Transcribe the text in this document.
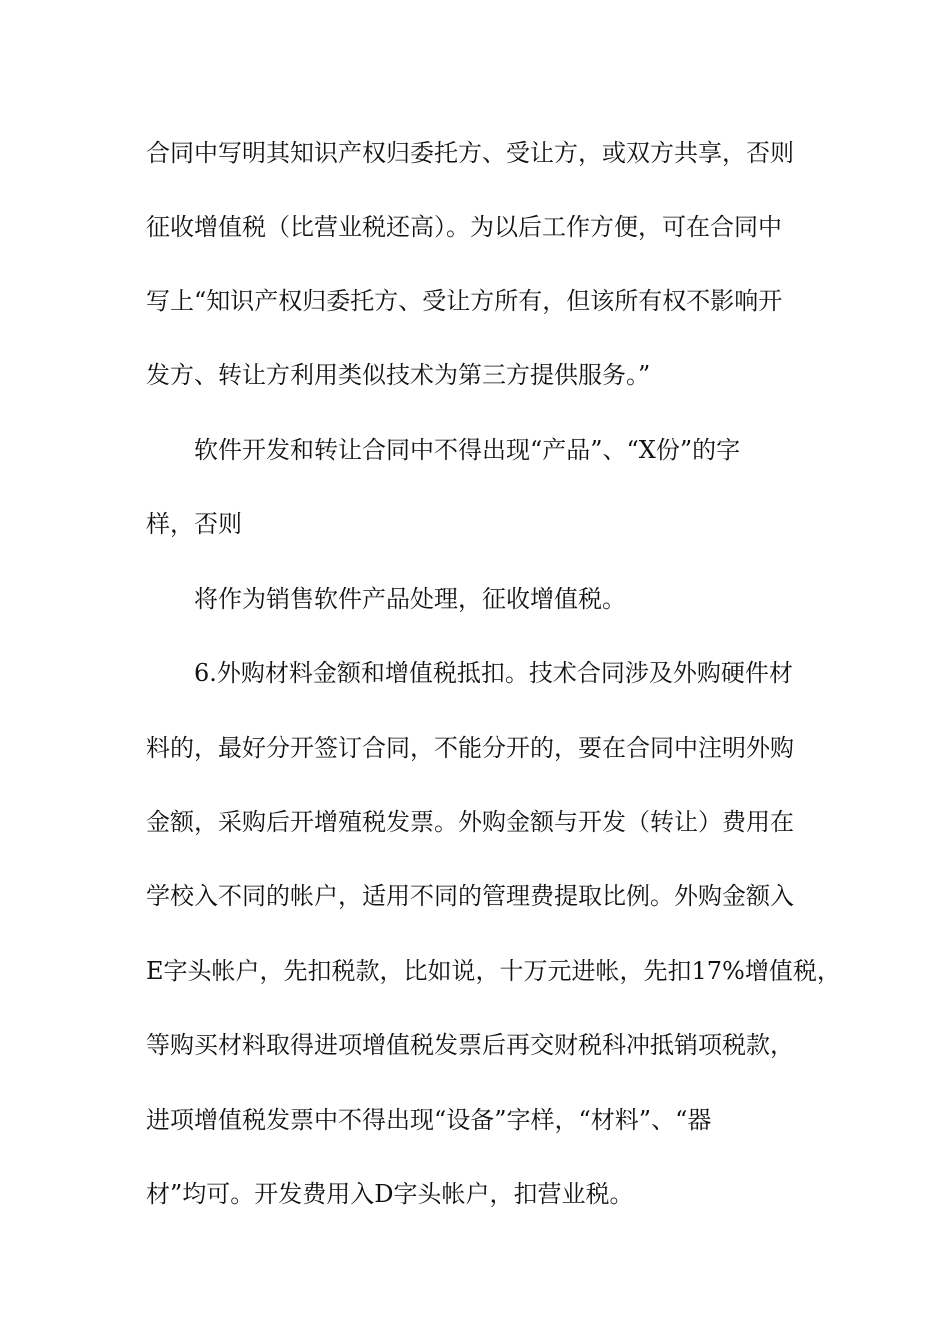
合同中写明其知识产权归委托方、受让方，或双方共享，否则
征收增值税（比营业税还高）。为以后工作方便，可在合同中
写上“知识产权归委托方、受让方所有，但该所有权不影响开
发方、转让方利用类似技术为第三方提供服务。”
软件开发和转让合同中不得出现“产品”、“X份”的字
样，否则
将作为销售软件产品处理，征收增值税。
6.外购材料金额和增值税抵扣。技术合同涉及外购硬件材
料的，最好分开签订合同，不能分开的，要在合同中注明外购
金额，采购后开增殖税发票。外购金额与开发（转让）费用在
学校入不同的帐户，适用不同的管理费提取比例。外购金额入
E字头帐户，先扣税款，比如说，十万元进帐，先扣17%增值税，
等购买材料取得进项增值税发票后再交财税科冲抵销项税款，
进项增值税发票中不得出现“设备”字样，“材料”、“器
材”均可。开发费用入D字头帐户，扣营业税。
